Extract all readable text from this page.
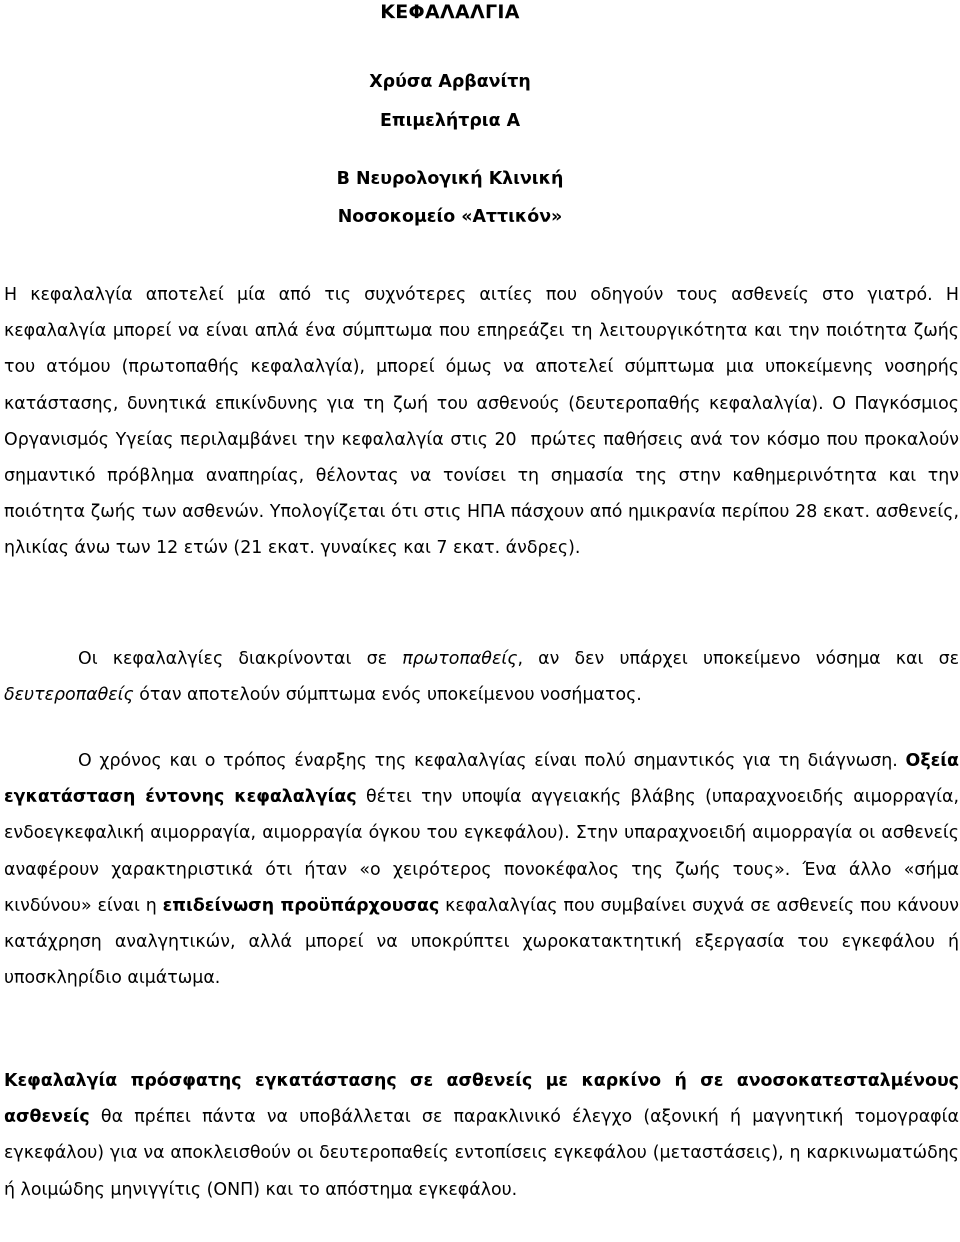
ΚΕΦΑΛΑΛΓΙΑ
Χρύσα Αρβανίτη
Επιμελήτρια Α
Β Νευρολογική Κλινική
Νοσοκομείο «Αττικόν»

Η κεφαλαλγία αποτελεί μία από τις συχνότερες αιτίες που οδηγούν τους ασθενείς στο γιατρό. Η κεφαλαλγία μπορεί να είναι απλά ένα σύμπτωμα που επηρεάζει τη λειτουργικότητα και την ποιότητα ζωής του ατόμου (πρωτοπαθής κεφαλαλγία), μπορεί όμως να αποτελεί σύμπτωμα μια υποκείμενης νοσηρής κατάστασης, δυνητικά επικίνδυνης για τη ζωή του ασθενούς (δευτεροπαθής κεφαλαλγία). Ο Παγκόσμιος Οργανισμός Υγείας περιλαμβάνει την κεφαλαλγία στις 20 πρώτες παθήσεις ανά τον κόσμο που προκαλούν σημαντικό πρόβλημα αναπηρίας, θέλοντας να τονίσει τη σημασία της στην καθημερινότητα και την ποιότητα ζωής των ασθενών. Υπολογίζεται ότι στις ΗΠΑ πάσχουν από ημικρανία περίπου 28 εκατ. ασθενείς, ηλικίας άνω των 12 ετών (21 εκατ. γυναίκες και 7 εκατ. άνδρες).

Οι κεφαλαλγίες διακρίνονται σε πρωτοπαθείς, αν δεν υπάρχει υποκείμενο νόσημα και σε δευτεροπαθείς όταν αποτελούν σύμπτωμα ενός υποκείμενου νοσήματος.

Ο χρόνος και ο τρόπος έναρξης της κεφαλαλγίας είναι πολύ σημαντικός για τη διάγνωση. Οξεία εγκατάσταση έντονης κεφαλαλγίας θέτει την υποψία αγγειακής βλάβης (υπαραχνοειδής αιμορραγία, ενδοεγκεφαλική αιμορραγία, αιμορραγία όγκου του εγκεφάλου). Στην υπαραχνοειδή αιμορραγία οι ασθενείς αναφέρουν χαρακτηριστικά ότι ήταν «ο χειρότερος πονοκέφαλος της ζωής τους». Ένα άλλο «σήμα κινδύνου» είναι η επιδείνωση προϋπάρχουσας κεφαλαλγίας που συμβαίνει συχνά σε ασθενείς που κάνουν κατάχρηση αναλγητικών, αλλά μπορεί να υποκρύπτει χωροκατακτητική εξεργασία του εγκεφάλου ή υποσκληρίδιο αιμάτωμα.

Κεφαλαλγία πρόσφατης εγκατάστασης σε ασθενείς με καρκίνο ή σε ανοσοκατεσταλμένους ασθενείς θα πρέπει πάντα να υποβάλλεται σε παρακλινικό έλεγχο (αξονική ή μαγνητική τομογραφία εγκεφάλου) για να αποκλεισθούν οι δευτεροπαθείς εντοπίσεις εγκεφάλου (μεταστάσεις), η καρκινωματώδης ή λοιμώδης μηνιγγίτις (ΟΝΠ) και το απόστημα εγκεφάλου.
